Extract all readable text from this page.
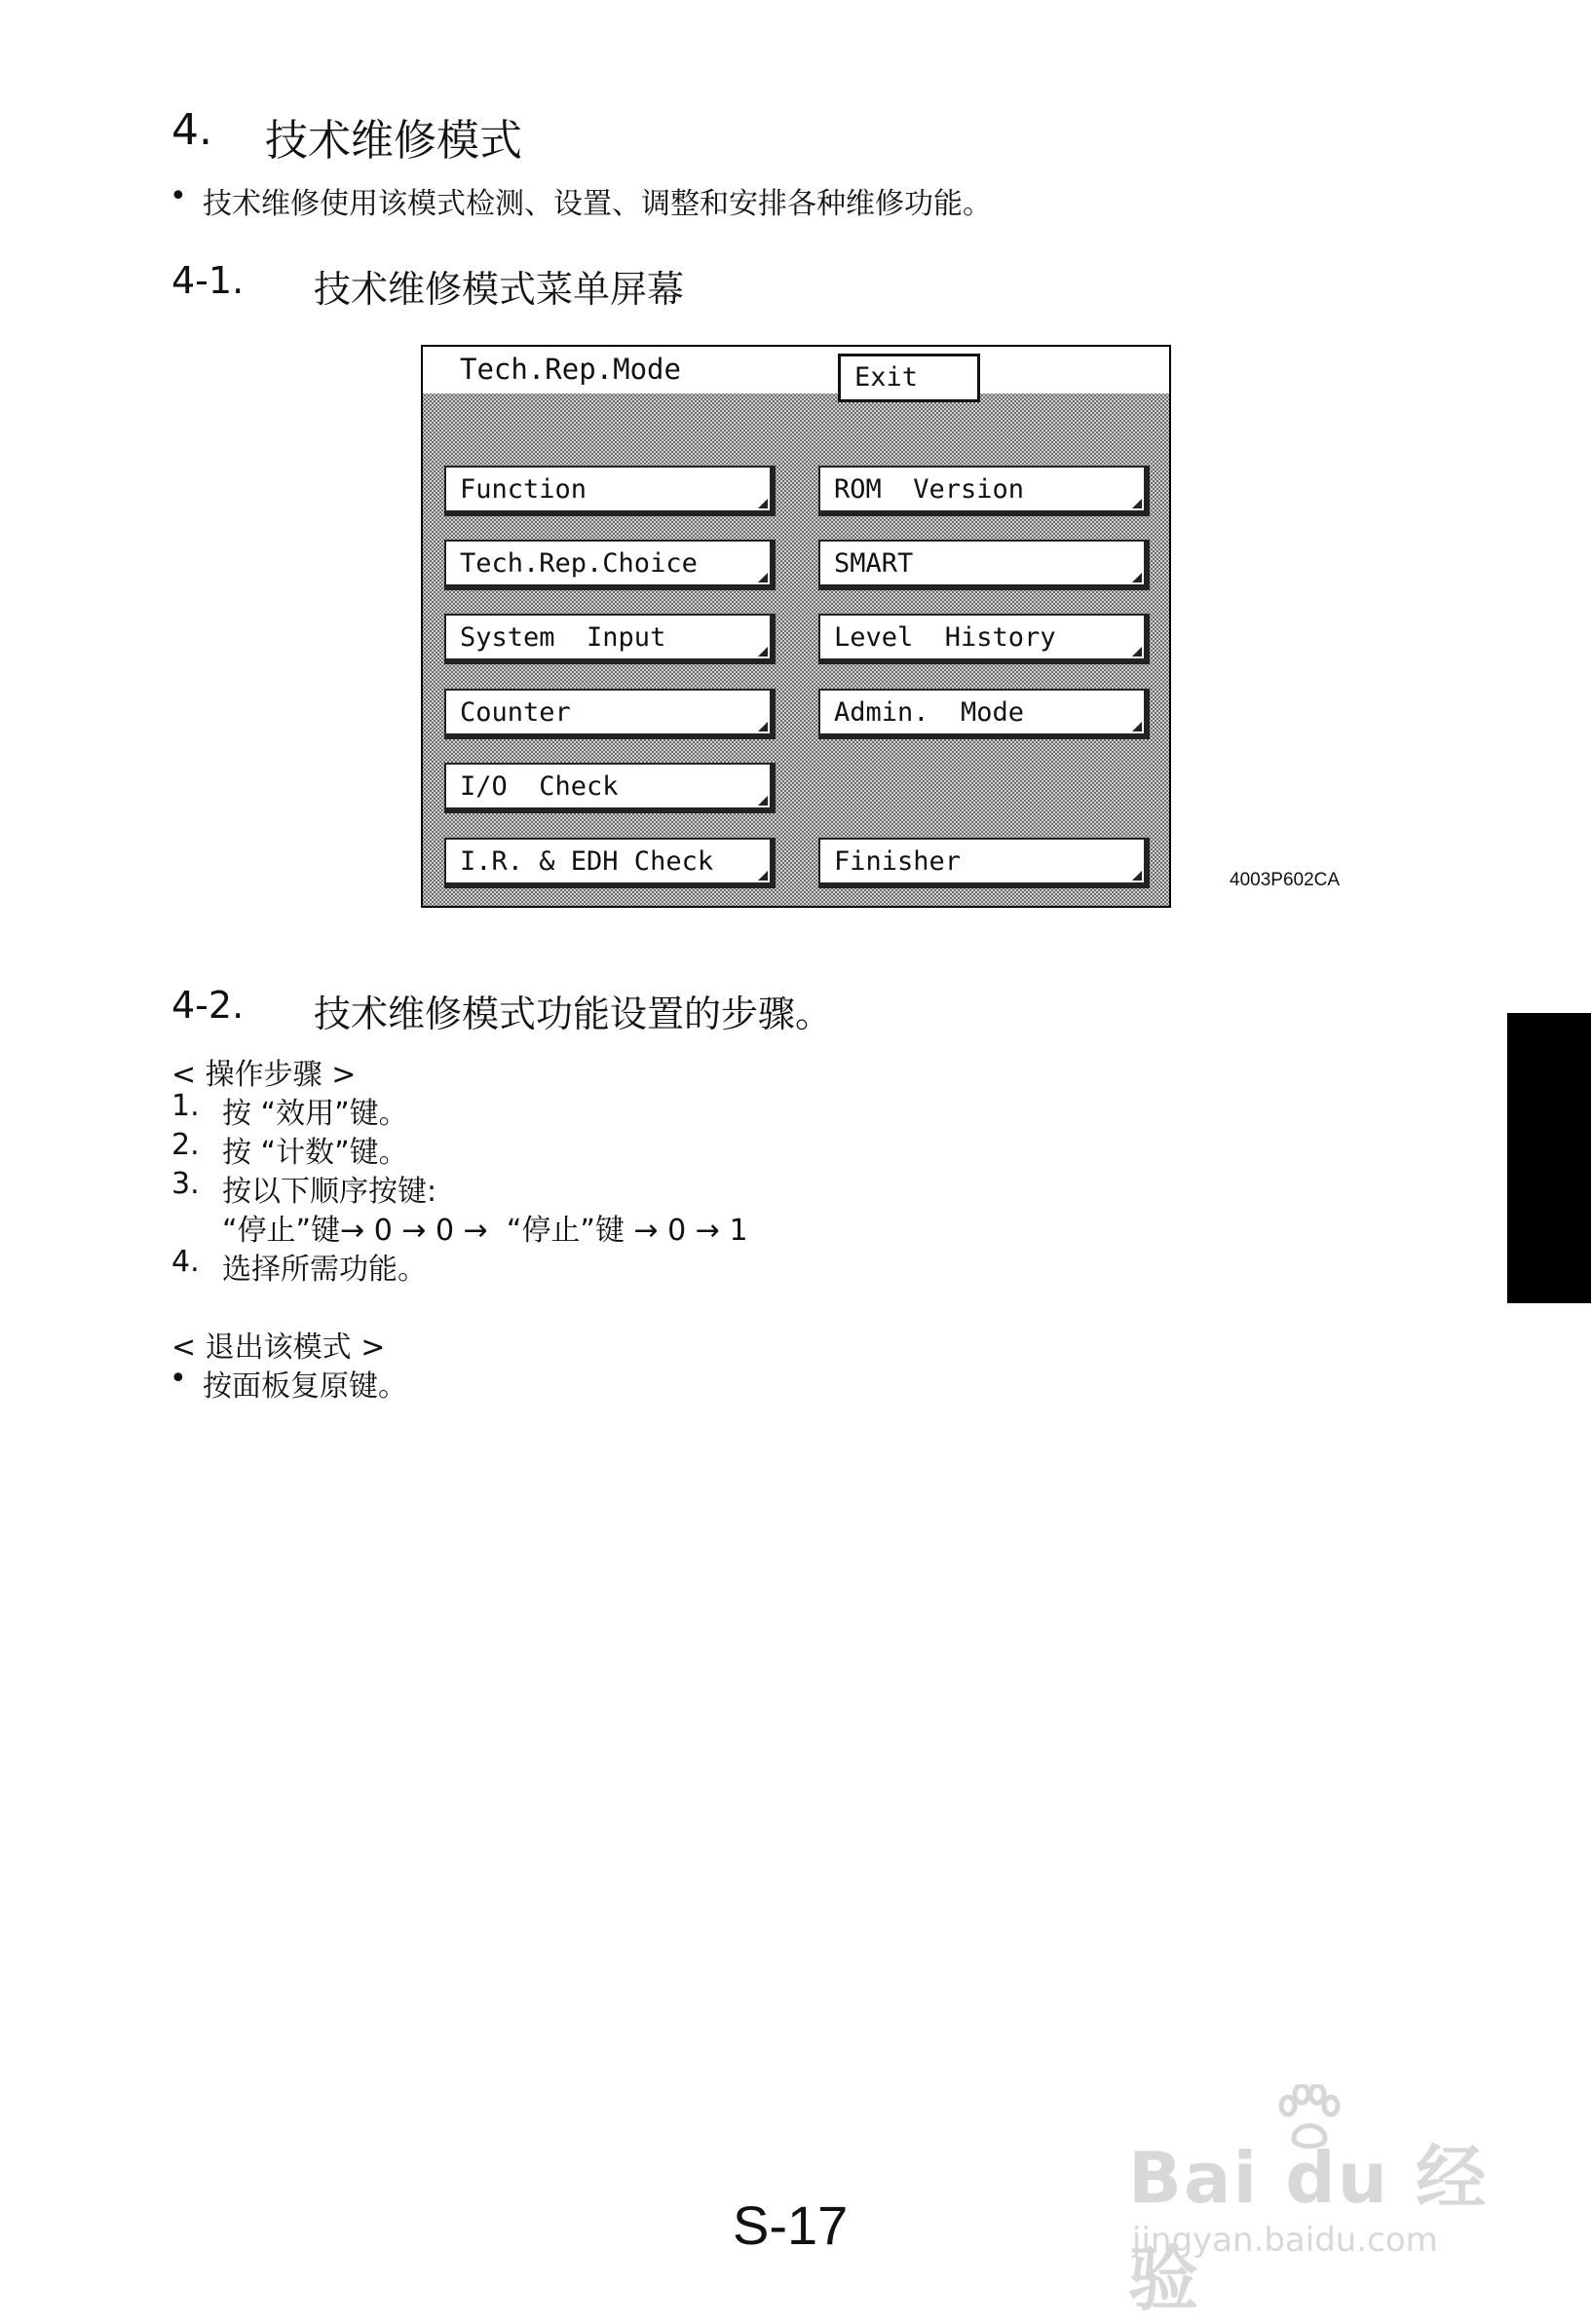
4. 技术维修模式
• 技术维修使用该模式检测、设置、调整和安排各种维修功能。
4-1. 技术维修模式菜单屏幕
Tech.Rep.Mode	Exit
Function
Tech.Rep.Choice
System  Input
Counter
I/O  Check
I.R. & EDH Check
ROM  Version
SMART
Level  History
Admin.  Mode
Finisher
4003P602CA
4-2. 技术维修模式功能设置的步骤。
< 操作步骤 >
1. 按 “效用”键。
2. 按 “计数”键。
3. 按以下顺序按键:
“停止”键→ 0 → 0 →  “停止”键 → 0 → 1
4. 选择所需功能。
< 退出该模式 >
• 按面板复原键。
S-17
Bai du 经验
jingyan.baidu.com
